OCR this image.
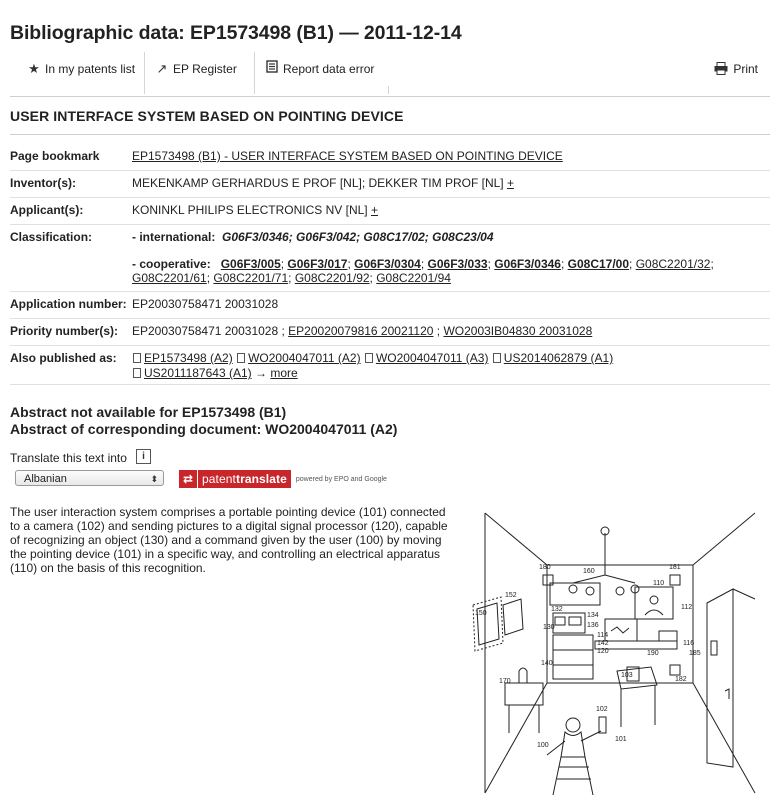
Bibliographic data: EP1573498 (B1) — 2011-12-14
★ In my patents list	↗ EP Register	Report data error	Print
USER INTERFACE SYSTEM BASED ON POINTING DEVICE
Page bookmark	EP1573498 (B1) - USER INTERFACE SYSTEM BASED ON POINTING DEVICE
Inventor(s):	MEKENKAMP GERHARDUS E PROF [NL]; DEKKER TIM PROF [NL] +
Applicant(s):	KONINKL PHILIPS ELECTRONICS NV [NL] +
Classification:	- international: G06F3/0346; G06F3/042; G08C17/02; G08C23/04
- cooperative: G06F3/005; G06F3/017; G06F3/0304; G06F3/033; G06F3/0346; G08C17/00; G08C2201/32;
G08C2201/61; G08C2201/71; G08C2201/92; G08C2201/94
Application number: EP20030758471 20031028
Priority number(s): EP20030758471 20031028 ; EP20020079816 20021120 ; WO2003IB04830 20031028
Also published as:	EP1573498 (A2) WO2004047011 (A2) WO2004047011 (A3) US2014062879 (A1)
US2011187643 (A1) → more
Abstract not available for EP1573498 (B1)
Abstract of corresponding document: WO2004047011 (A2)
Translate this text into	i
Albanian	⬍	⇄ patenttranslate	powered by EPO and Google
The user interaction system comprises a portable pointing device (101) connected to a camera (102) and sending pictures to a digital signal processor (120), capable of recognizing an object (130) and a command given by the user (100) by moving the pointing device (101) in a specific way, and controlling an electrical apparatus (110) on the basis of this recognition.	180
160
181
110
112
132
134
136
130
114
142
120
116
190	185
140
150
152
170
103
182
102
101
100
